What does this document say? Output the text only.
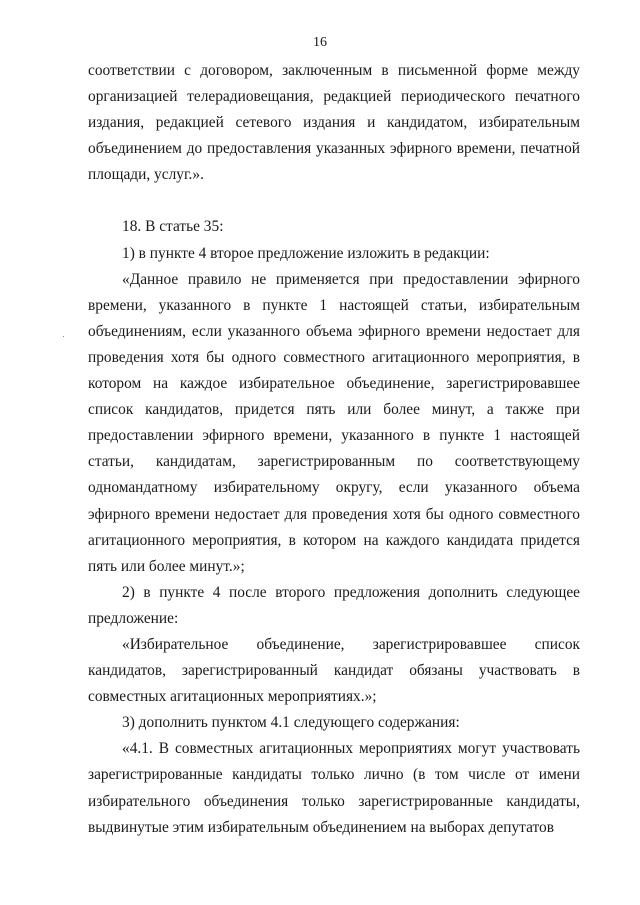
16

соответствии с договором, заключенным в письменной форме между организацией телерадиовещания, редакцией периодического печатного издания, редакцией сетевого издания и кандидатом, избирательным объединением до предоставления указанных эфирного времени, печатной площади, услуг.».

18. В статье 35:

1) в пункте 4 второе предложение изложить в редакции:

«Данное правило не применяется при предоставлении эфирного времени, указанного в пункте 1 настоящей статьи, избирательным объединениям, если указанного объема эфирного времени недостает для проведения хотя бы одного совместного агитационного мероприятия, в котором на каждое избирательное объединение, зарегистрировавшее список кандидатов, придется пять или более минут, а также при предоставлении эфирного времени, указанного в пункте 1 настоящей статьи, кандидатам, зарегистрированным по соответствующему одномандатному избирательному округу, если указанного объема эфирного времени недостает для проведения хотя бы одного совместного агитационного мероприятия, в котором на каждого кандидата придется пять или более минут.»;

2) в пункте 4 после второго предложения дополнить следующее предложение:

«Избирательное объединение, зарегистрировавшее список кандидатов, зарегистрированный кандидат обязаны участвовать в совместных агитационных мероприятиях.»;

3) дополнить пунктом 4.1 следующего содержания:

«4.1. В совместных агитационных мероприятиях могут участвовать зарегистрированные кандидаты только лично (в том числе от имени избирательного объединения только зарегистрированные кандидаты, выдвинутые этим избирательным объединением на выборах депутатов
